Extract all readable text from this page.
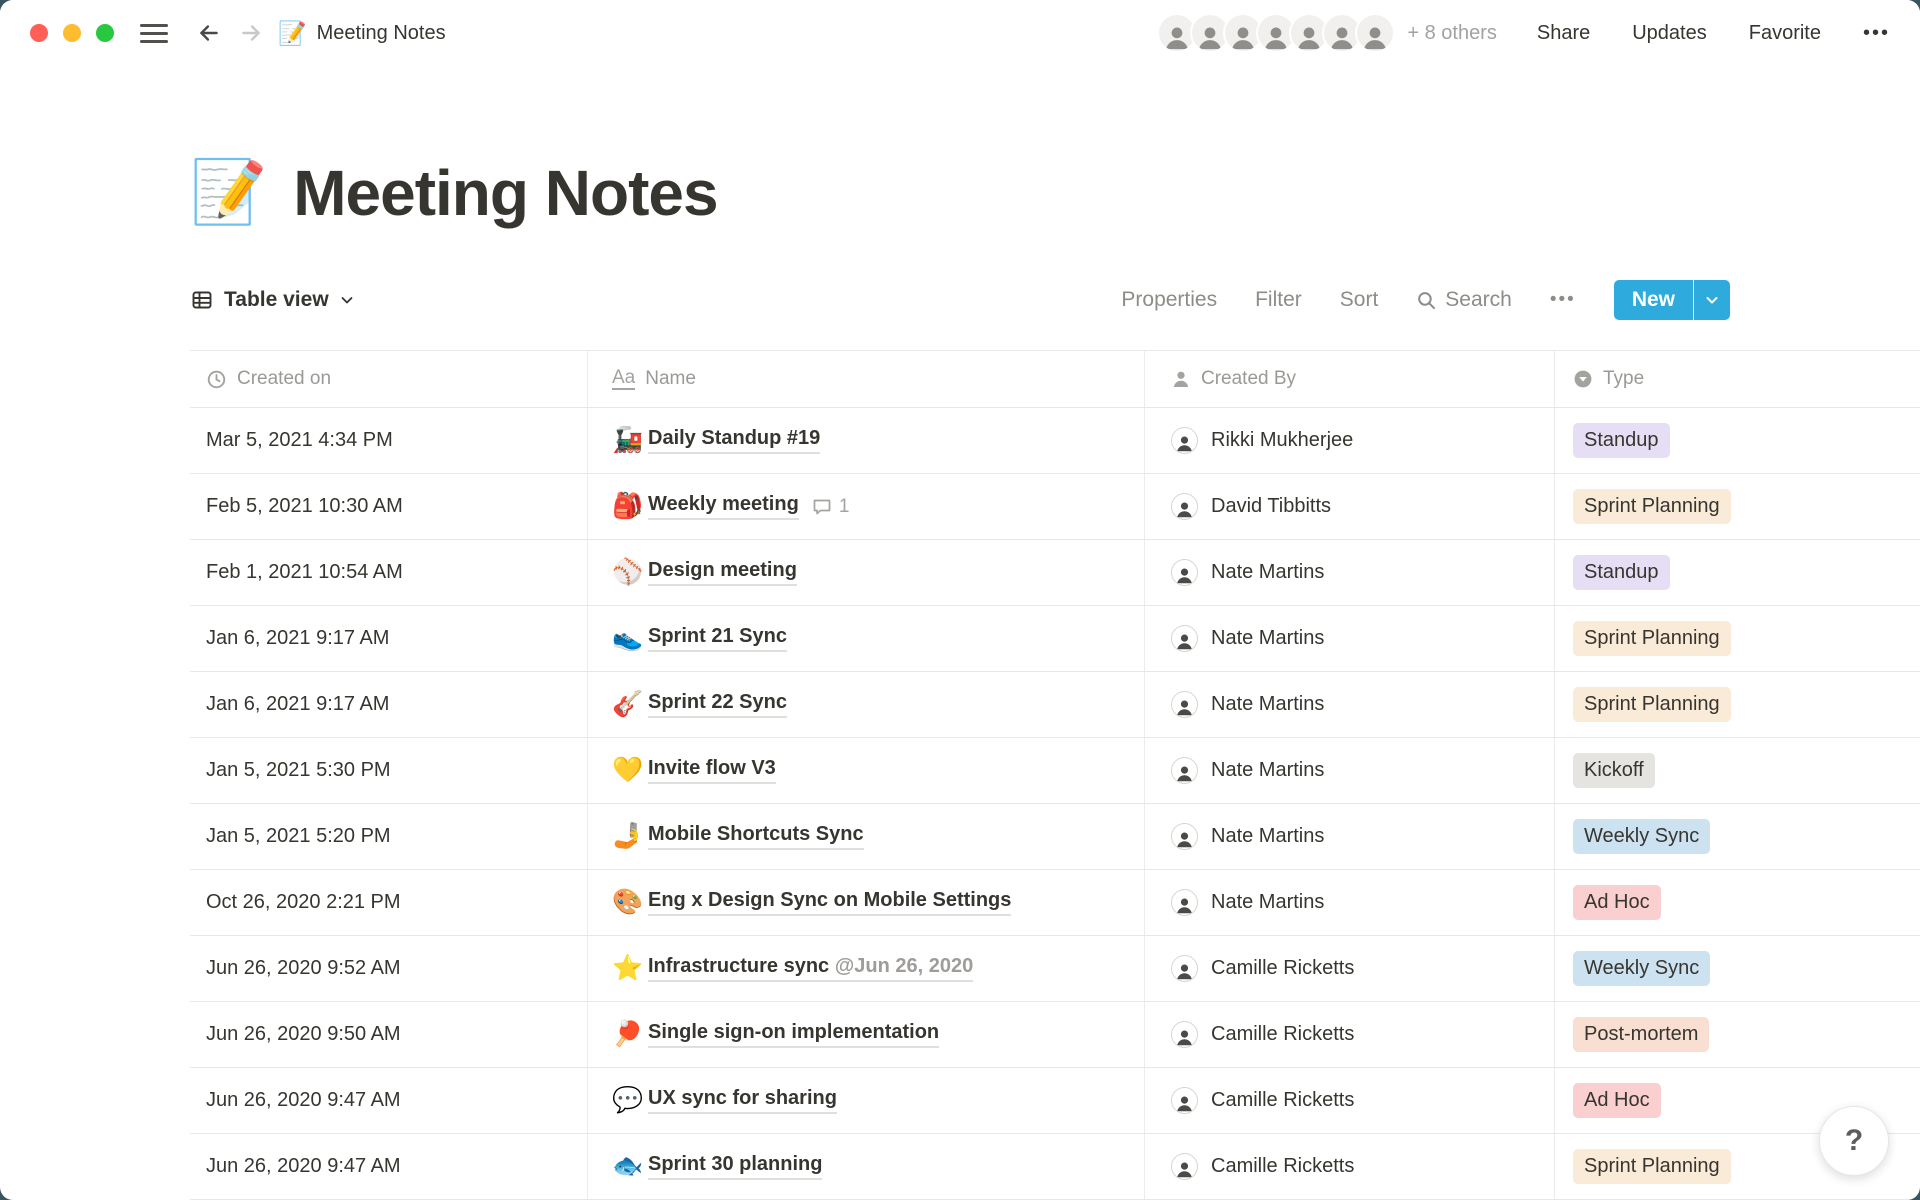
📝 Meeting Notes	+ 8 others Share Updates Favorite •••
📝 Meeting Notes
Table view	Properties Filter Sort	Search •••	New
Created on	Aa Name	Created By	Type
Mar 5, 2021 4:34 PM	🚂 Daily Standup #19	Rikki Mukherjee	Standup
Feb 5, 2021 10:30 AM	🎒 Weekly meeting 1	David Tibbitts	Sprint Planning
Feb 1, 2021 10:54 AM	⚾ Design meeting	Nate Martins	Standup
Jan 6, 2021 9:17 AM	👟 Sprint 21 Sync	Nate Martins	Sprint Planning
Jan 6, 2021 9:17 AM	🎸 Sprint 22 Sync	Nate Martins	Sprint Planning
Jan 5, 2021 5:30 PM	💛 Invite flow V3	Nate Martins	Kickoff
Jan 5, 2021 5:20 PM	🤳 Mobile Shortcuts Sync	Nate Martins	Weekly Sync
Oct 26, 2020 2:21 PM	🎨 Eng x Design Sync on Mobile Settings	Nate Martins	Ad Hoc
Jun 26, 2020 9:52 AM	⭐ Infrastructure sync @Jun 26, 2020	Camille Ricketts	Weekly Sync
Jun 26, 2020 9:50 AM	🏓 Single sign-on implementation	Camille Ricketts	Post-mortem
Jun 26, 2020 9:47 AM	💬 UX sync for sharing	Camille Ricketts	Ad Hoc
Jun 26, 2020 9:47 AM	🐟 Sprint 30 planning	Camille Ricketts	Sprint Planning
?
